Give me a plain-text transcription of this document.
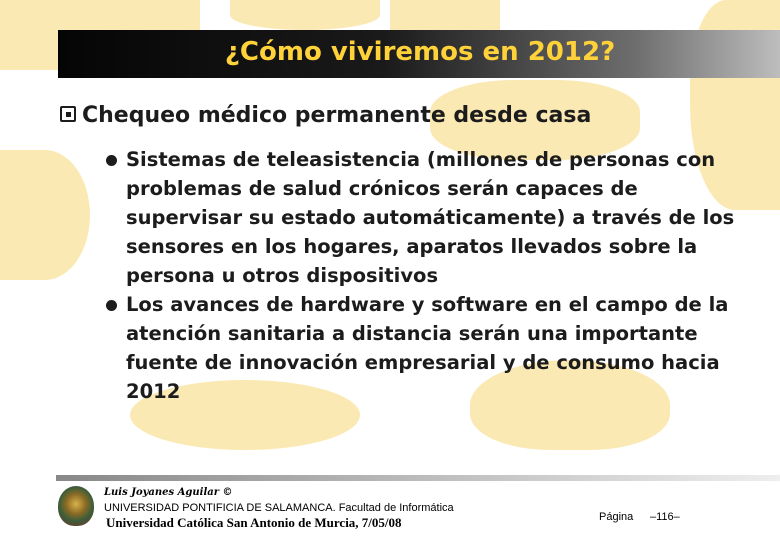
¿Cómo viviremos en 2012?
Chequeo médico permanente desde casa
Sistemas de teleasistencia (millones de personas con problemas de salud crónicos serán capaces de supervisar su estado automáticamente) a través de los sensores en los hogares, aparatos llevados sobre la persona u otros dispositivos
Los avances de hardware y software en el campo de la atención sanitaria a distancia serán una importante fuente de innovación empresarial y de consumo hacia 2012
Luis Joyanes Aguilar ©
UNIVERSIDAD PONTIFICIA DE SALAMANCA. Facultad de Informática
Universidad Católica San Antonio de Murcia, 7/05/08	Página –116–
